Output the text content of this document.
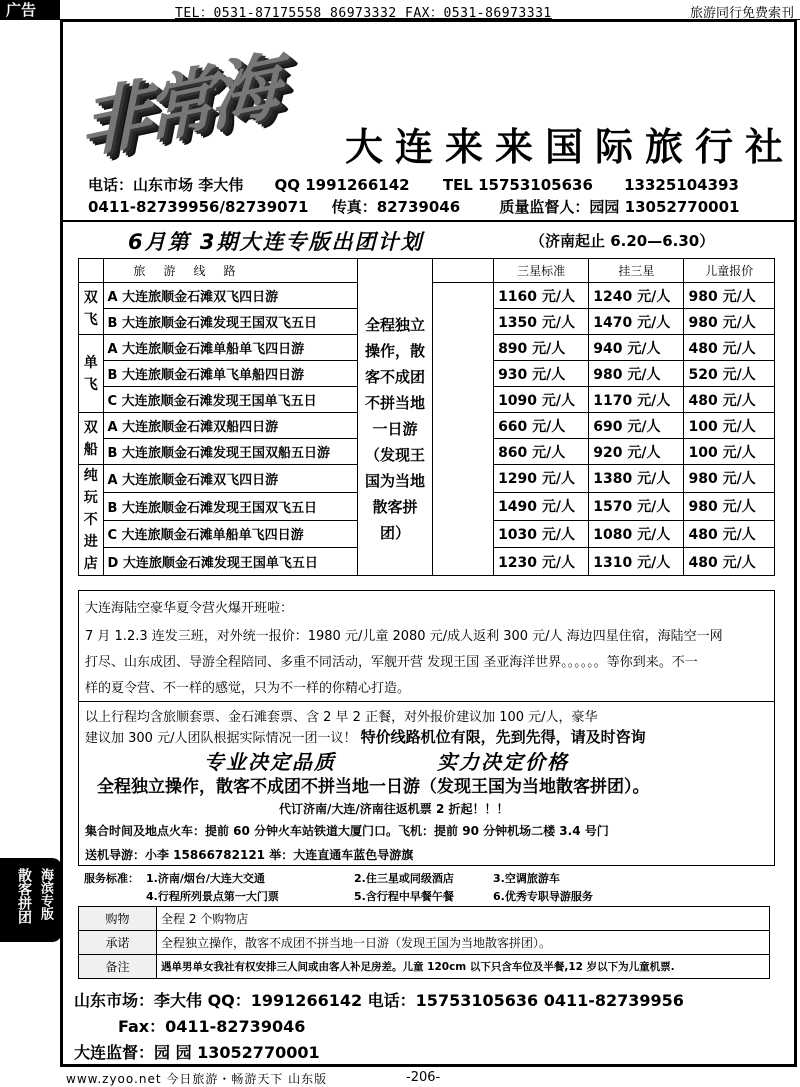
广告	TEL：0531-87175558 86973332 FAX：0531-86973331	旅游同行免费索刊
非常海 大连来来国际旅行社
电话：山东市场 李大伟 QQ 1991266142 TEL 15753105636 13325104393
0411-82739956/82739071 传真：82739046	质量监督人：园园 13052770001
6月第 3期大连专版出团计划	（济南起止 6.20—6.30）
	旅游线路			三星标准	挂三星	儿童报价
双飞	A 大连旅顺金石滩双飞四日游	全程独立操作，散客不成团不拼当地一日游（发现王国为当地散客拼团）		1160 元/人	1240 元/人	980 元/人
	B 大连旅顺金石滩发现王国双飞五日			1350 元/人	1470 元/人	980 元/人
单飞	A 大连旅顺金石滩单船单飞四日游			890 元/人	940 元/人	480 元/人
	B 大连旅顺金石滩单飞单船四日游			930 元/人	980 元/人	520 元/人
	C 大连旅顺金石滩发现王国单飞五日			1090 元/人	1170 元/人	480 元/人
双船	A 大连旅顺金石滩双船四日游			660 元/人	690 元/人	100 元/人
	B 大连旅顺金石滩发现王国双船五日游			860 元/人	920 元/人	100 元/人
纯玩不进店	A 大连旅顺金石滩双飞四日游			1290 元/人	1380 元/人	980 元/人
	B 大连旅顺金石滩发现王国双飞五日			1490 元/人	1570 元/人	980 元/人
	C 大连旅顺金石滩单船单飞四日游			1030 元/人	1080 元/人	480 元/人
	D 大连旅顺金石滩发现王国单飞五日			1230 元/人	1310 元/人	480 元/人

大连海陆空豪华夏令营火爆开班啦：

7 月 1.2.3 连发三班，对外统一报价：1980 元/儿童 2080 元/成人返利 300 元/人 海边四星住宿，海陆空一网

打尽、山东成团、导游全程陪同、多重不同活动，军舰开营 发现王国 圣亚海洋世界。。。。。。等你到来。不一

样的夏令营、不一样的感觉，只为不一样的你精心打造。

以上行程均含旅顺套票、金石滩套票、含 2 早 2 正餐，对外报价建议加 100 元/人，豪华

建议加 300 元/人团队根据实际情况一团一议！ 特价线路机位有限，先到先得，请及时咨询

专业决定品质	实力决定价格

全程独立操作，散客不成团不拼当地一日游（发现王国为当地散客拼团）。

代订济南/大连/济南往返机票 2 折起！！！

集合时间及地点火车：提前 60 分钟火车站铁道大厦门口。飞机：提前 90 分钟机场二楼 3.4 号门

送机导游：小李 15866782121 举：大连直通车蓝色导游旗

服务标准： 1.济南/烟台/大连大交通	2.住三星或同级酒店	3.空调旅游车
4.行程所列景点第一大门票	5.含行程中早餐午餐	6.优秀专职导游服务
散客拼团 海滨专版	购物	全程 2 个购物店
承诺	全程独立操作，散客不成团不拼当地一日游（发现王国为当地散客拼团）。
备注	遇单男单女我社有权安排三人间或由客人补足房差。儿童 120cm 以下只含车位及半餐,12 岁以下为儿童机票.
山东市场：李大伟 QQ：1991266142 电话：15753105636 0411-82739956
Fax：0411-82739046
大连监督：园 园 13052770001
www.zyoo.net 今日旅游・畅游天下 山东版	-206-
